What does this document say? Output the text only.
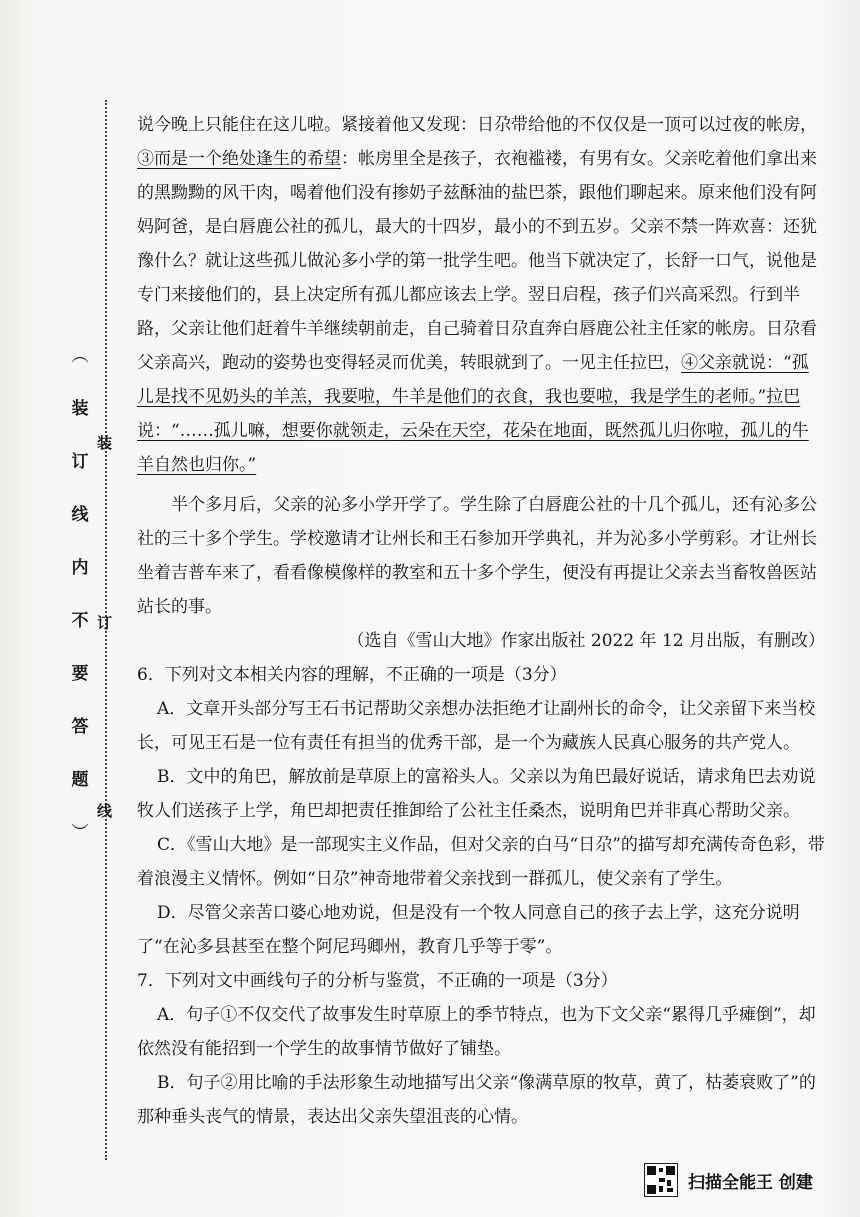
︵
装
订
线
内
不
要
答
题
︶
装
订
线

说今晚上只能住在这儿啦。紧接着他又发现：日尕带给他的不仅仅是一顶可以过夜的帐房，③而是一个绝处逢生的希望：帐房里全是孩子，衣袍褴褛，有男有女。父亲吃着他们拿出来的黑黝黝的风干肉，喝着他们没有掺奶子兹酥油的盐巴茶，跟他们聊起来。原来他们没有阿妈阿爸，是白唇鹿公社的孤儿，最大的十四岁，最小的不到五岁。父亲不禁一阵欢喜：还犹豫什么？就让这些孤儿做沁多小学的第一批学生吧。他当下就决定了，长舒一口气，说他是专门来接他们的，县上决定所有孤儿都应该去上学。翌日启程，孩子们兴高采烈。行到半路，父亲让他们赶着牛羊继续朝前走，自己骑着日尕直奔白唇鹿公社主任家的帐房。日尕看父亲高兴，跑动的姿势也变得轻灵而优美，转眼就到了。一见主任拉巴，④父亲就说：“孤儿是找不见奶头的羊羔，我要啦，牛羊是他们的衣食，我也要啦，我是学生的老师。”拉巴说：“……孤儿嘛，想要你就领走，云朵在天空，花朵在地面，既然孤儿归你啦，孤儿的牛羊自然也归你。”

半个多月后，父亲的沁多小学开学了。学生除了白唇鹿公社的十几个孤儿，还有沁多公社的三十多个学生。学校邀请才让州长和王石参加开学典礼，并为沁多小学剪彩。才让州长坐着吉普车来了，看看像模像样的教室和五十多个学生，便没有再提让父亲去当畜牧兽医站站长的事。

（选自《雪山大地》作家出版社 2022 年 12 月出版，有删改）

6．下列对文本相关内容的理解，不正确的一项是（3分）

A．文章开头部分写王石书记帮助父亲想办法拒绝才让副州长的命令，让父亲留下来当校长，可见王石是一位有责任有担当的优秀干部，是一个为藏族人民真心服务的共产党人。

B．文中的角巴，解放前是草原上的富裕头人。父亲以为角巴最好说话，请求角巴去劝说牧人们送孩子上学，角巴却把责任推卸给了公社主任桑杰，说明角巴并非真心帮助父亲。

C．《雪山大地》是一部现实主义作品，但对父亲的白马“日尕”的描写却充满传奇色彩，带着浪漫主义情怀。例如“日尕”神奇地带着父亲找到一群孤儿，使父亲有了学生。

D．尽管父亲苦口婆心地劝说，但是没有一个牧人同意自己的孩子去上学，这充分说明了“在沁多县甚至在整个阿尼玛卿州，教育几乎等于零”。

7．下列对文中画线句子的分析与鉴赏，不正确的一项是（3分）

A．句子①不仅交代了故事发生时草原上的季节特点，也为下文父亲“累得几乎瘫倒”，却依然没有能招到一个学生的故事情节做好了铺垫。

B．句子②用比喻的手法形象生动地描写出父亲“像满草原的牧草，黄了，枯萎衰败了”的那种垂头丧气的情景，表达出父亲失望沮丧的心情。

扫描全能王 创建
